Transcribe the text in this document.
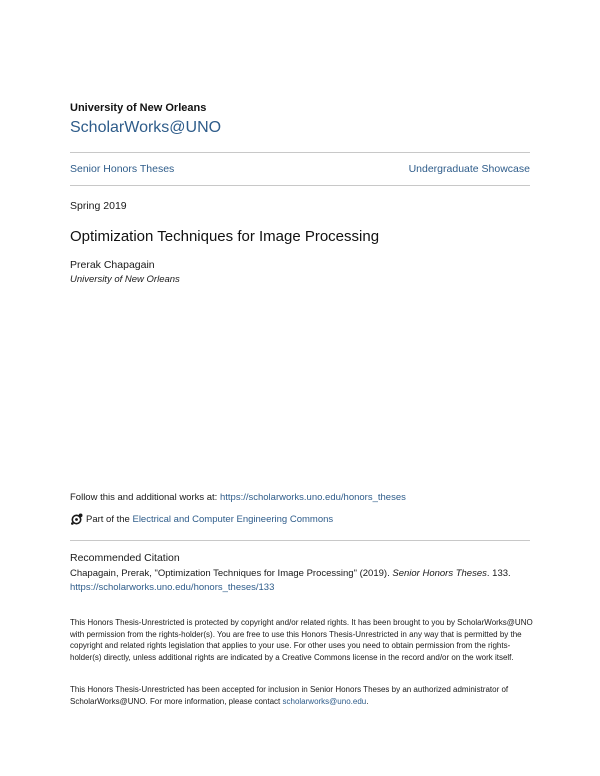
University of New Orleans
ScholarWorks@UNO
Senior Honors Theses	Undergraduate Showcase
Spring 2019
Optimization Techniques for Image Processing
Prerak Chapagain
University of New Orleans
Follow this and additional works at: https://scholarworks.uno.edu/honors_theses
Part of the Electrical and Computer Engineering Commons
Recommended Citation
Chapagain, Prerak, "Optimization Techniques for Image Processing" (2019). Senior Honors Theses. 133.
https://scholarworks.uno.edu/honors_theses/133
This Honors Thesis-Unrestricted is protected by copyright and/or related rights. It has been brought to you by ScholarWorks@UNO with permission from the rights-holder(s). You are free to use this Honors Thesis-Unrestricted in any way that is permitted by the copyright and related rights legislation that applies to your use. For other uses you need to obtain permission from the rights-holder(s) directly, unless additional rights are indicated by a Creative Commons license in the record and/or on the work itself.
This Honors Thesis-Unrestricted has been accepted for inclusion in Senior Honors Theses by an authorized administrator of ScholarWorks@UNO. For more information, please contact scholarworks@uno.edu.
